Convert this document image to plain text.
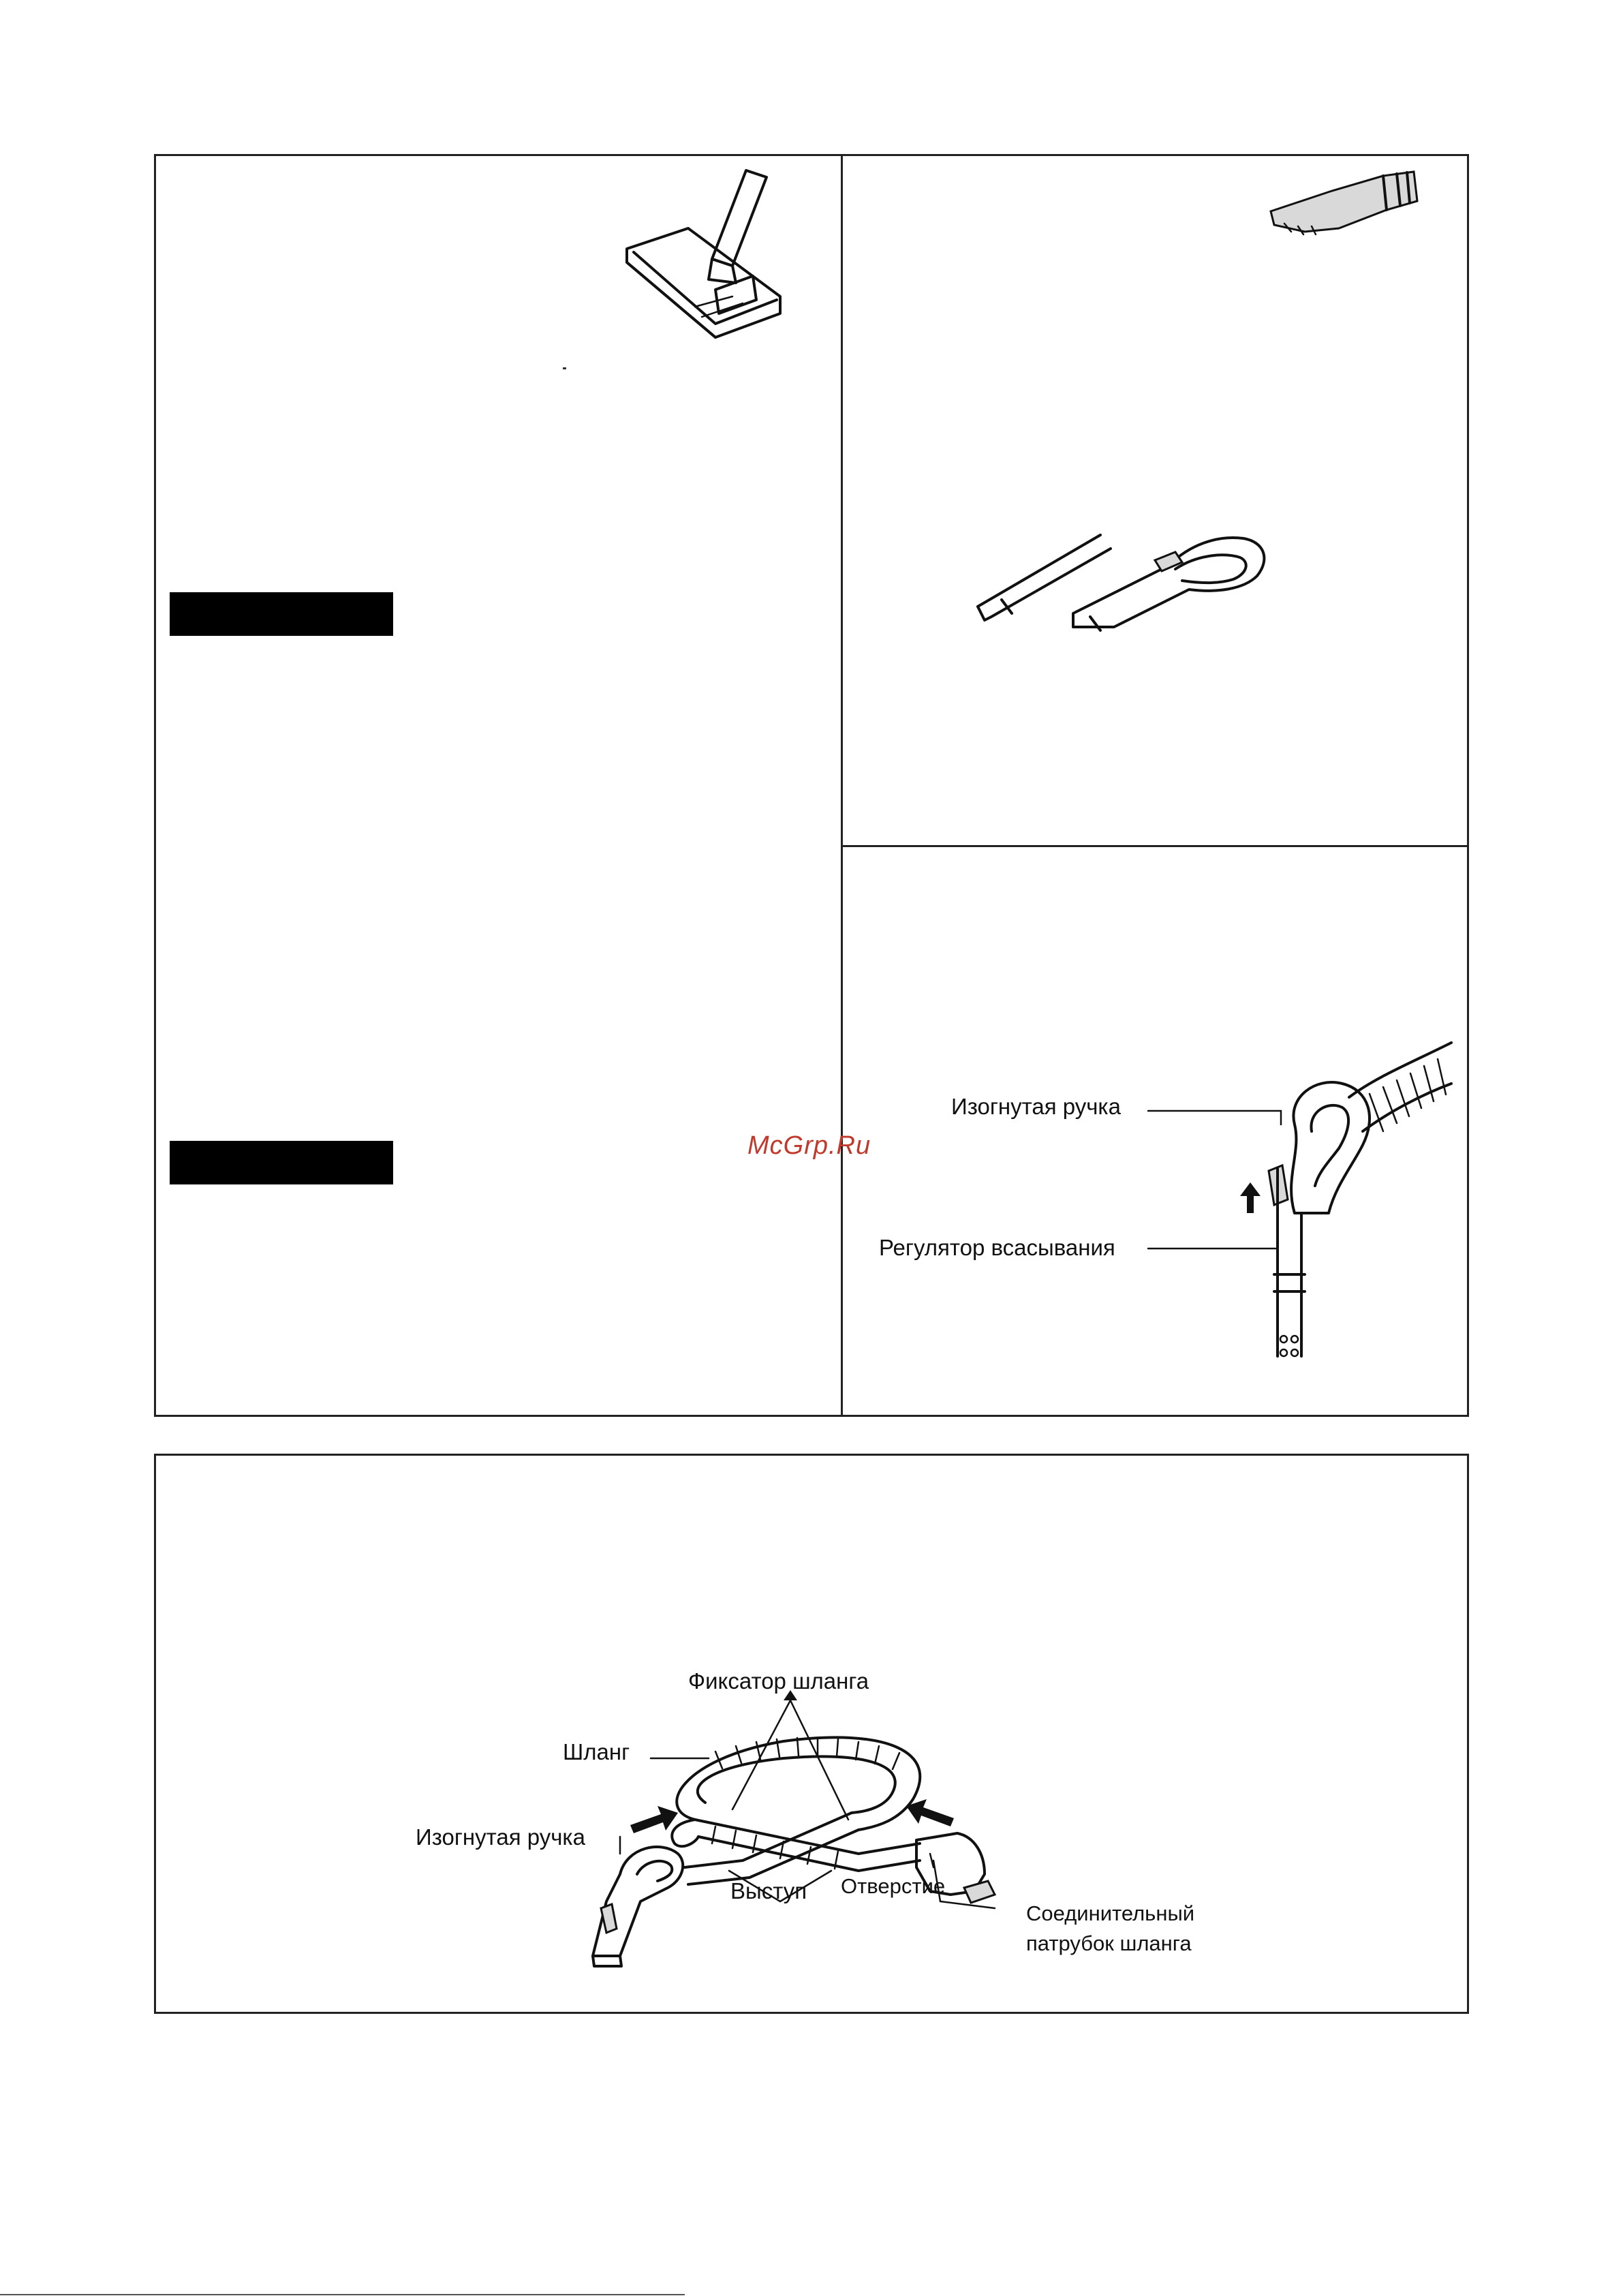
Изогнутая ручка
Регулятор всасывания
McGrp.Ru
Фиксатор шланга
Шланг
Изогнутая ручка
Выступ Отверстие
Соединительный
патрубок шланга
